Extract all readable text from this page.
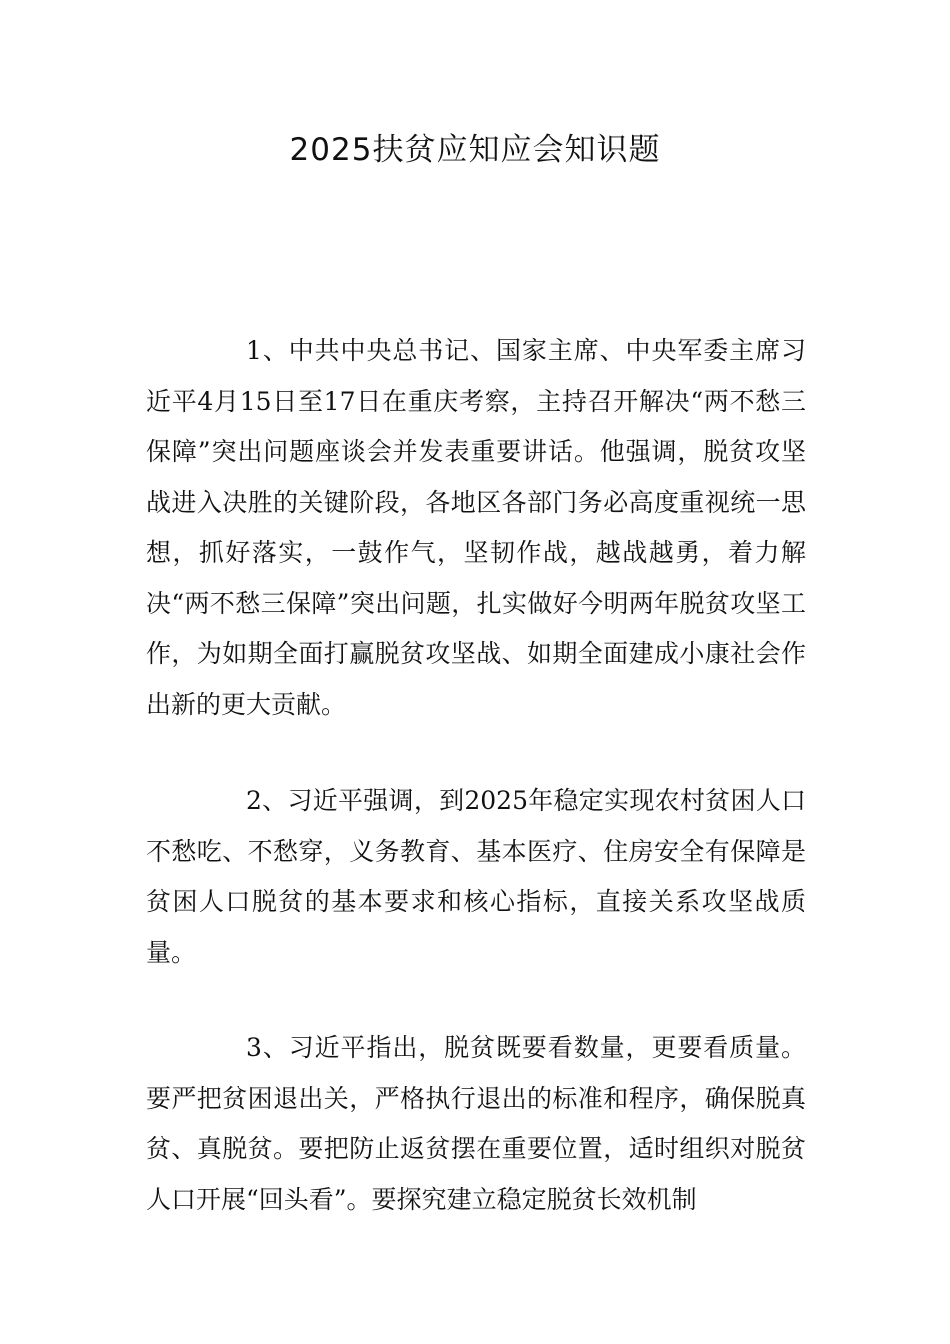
2025扶贫应知应会知识题

1、中共中央总书记、国家主席、中央军委主席习近平4月15日至17日在重庆考察，主持召开解决“两不愁三保障”突出问题座谈会并发表重要讲话。他强调，脱贫攻坚战进入决胜的关键阶段，各地区各部门务必高度重视统一思想，抓好落实，一鼓作气，坚韧作战，越战越勇，着力解决“两不愁三保障”突出问题，扎实做好今明两年脱贫攻坚工作，为如期全面打赢脱贫攻坚战、如期全面建成小康社会作出新的更大贡献。

2、习近平强调，到2025年稳定实现农村贫困人口不愁吃、不愁穿，义务教育、基本医疗、住房安全有保障是贫困人口脱贫的基本要求和核心指标，直接关系攻坚战质量。

3、习近平指出，脱贫既要看数量，更要看质量。要严把贫困退出关，严格执行退出的标准和程序，确保脱真贫、真脱贫。要把防止返贫摆在重要位置，适时组织对脱贫人口开展“回头看”。要探究建立稳定脱贫长效机制
